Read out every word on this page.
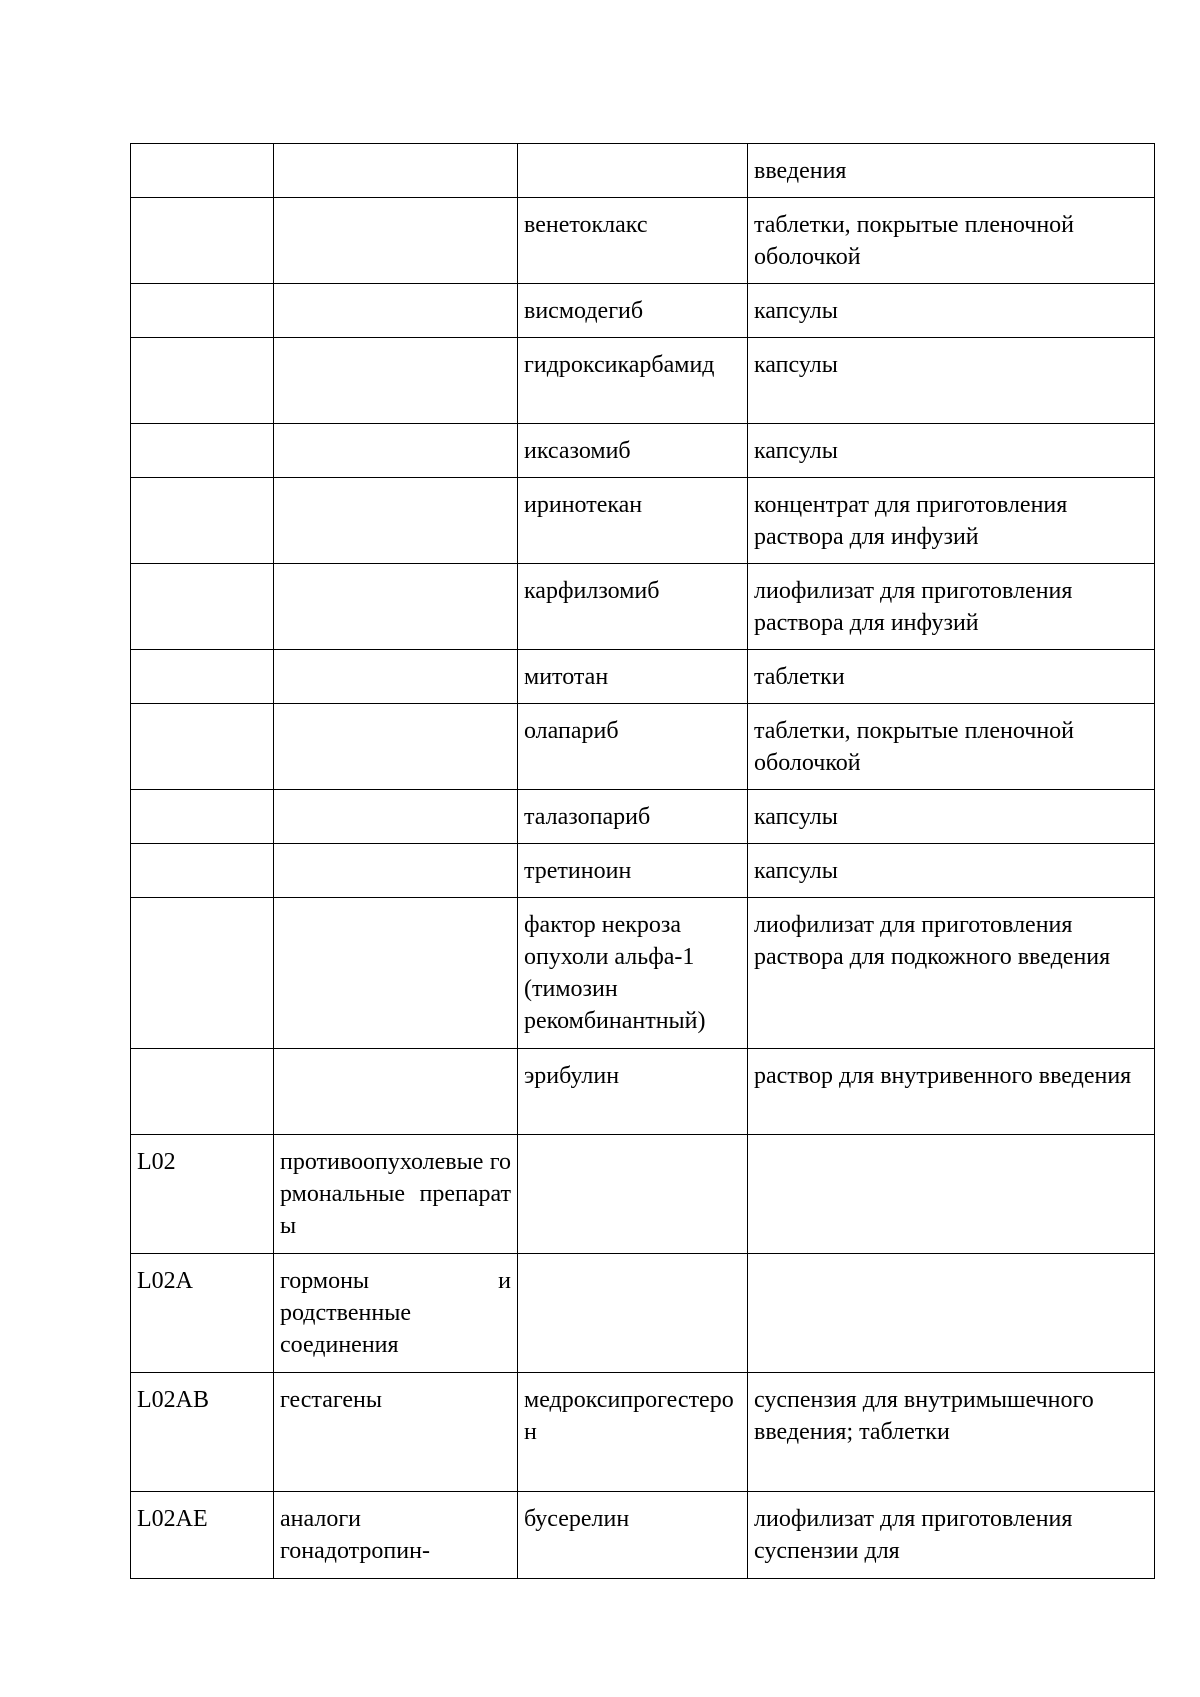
			введения

		венетоклакс	таблетки, покрытые пленочной оболочкой

		висмодегиб	капсулы

		гидроксикарбамид	капсулы

		иксазомиб	капсулы

		иринотекан	концентрат для приготовления раствора для инфузий

		карфилзомиб	лиофилизат для приготовления раствора для инфузий

		митотан	таблетки

		олапариб	таблетки, покрытые пленочной оболочкой

		талазопариб	капсулы

		третиноин	капсулы

		фактор некроза опухоли альфа-1 (тимозин рекомбинантный)	лиофилизат для приготовления раствора для подкожного введения

		эрибулин	раствор для внутривенного введения

L02	противоопухолевые гормональные препараты		

L02A	гормоны и родственные соединения		

L02AB	гестагены	медроксипрогестерон	суспензия для внутримышечного введения; таблетки

L02AE	аналоги гонадотропин-	бусерелин	лиофилизат для приготовления суспензии для
